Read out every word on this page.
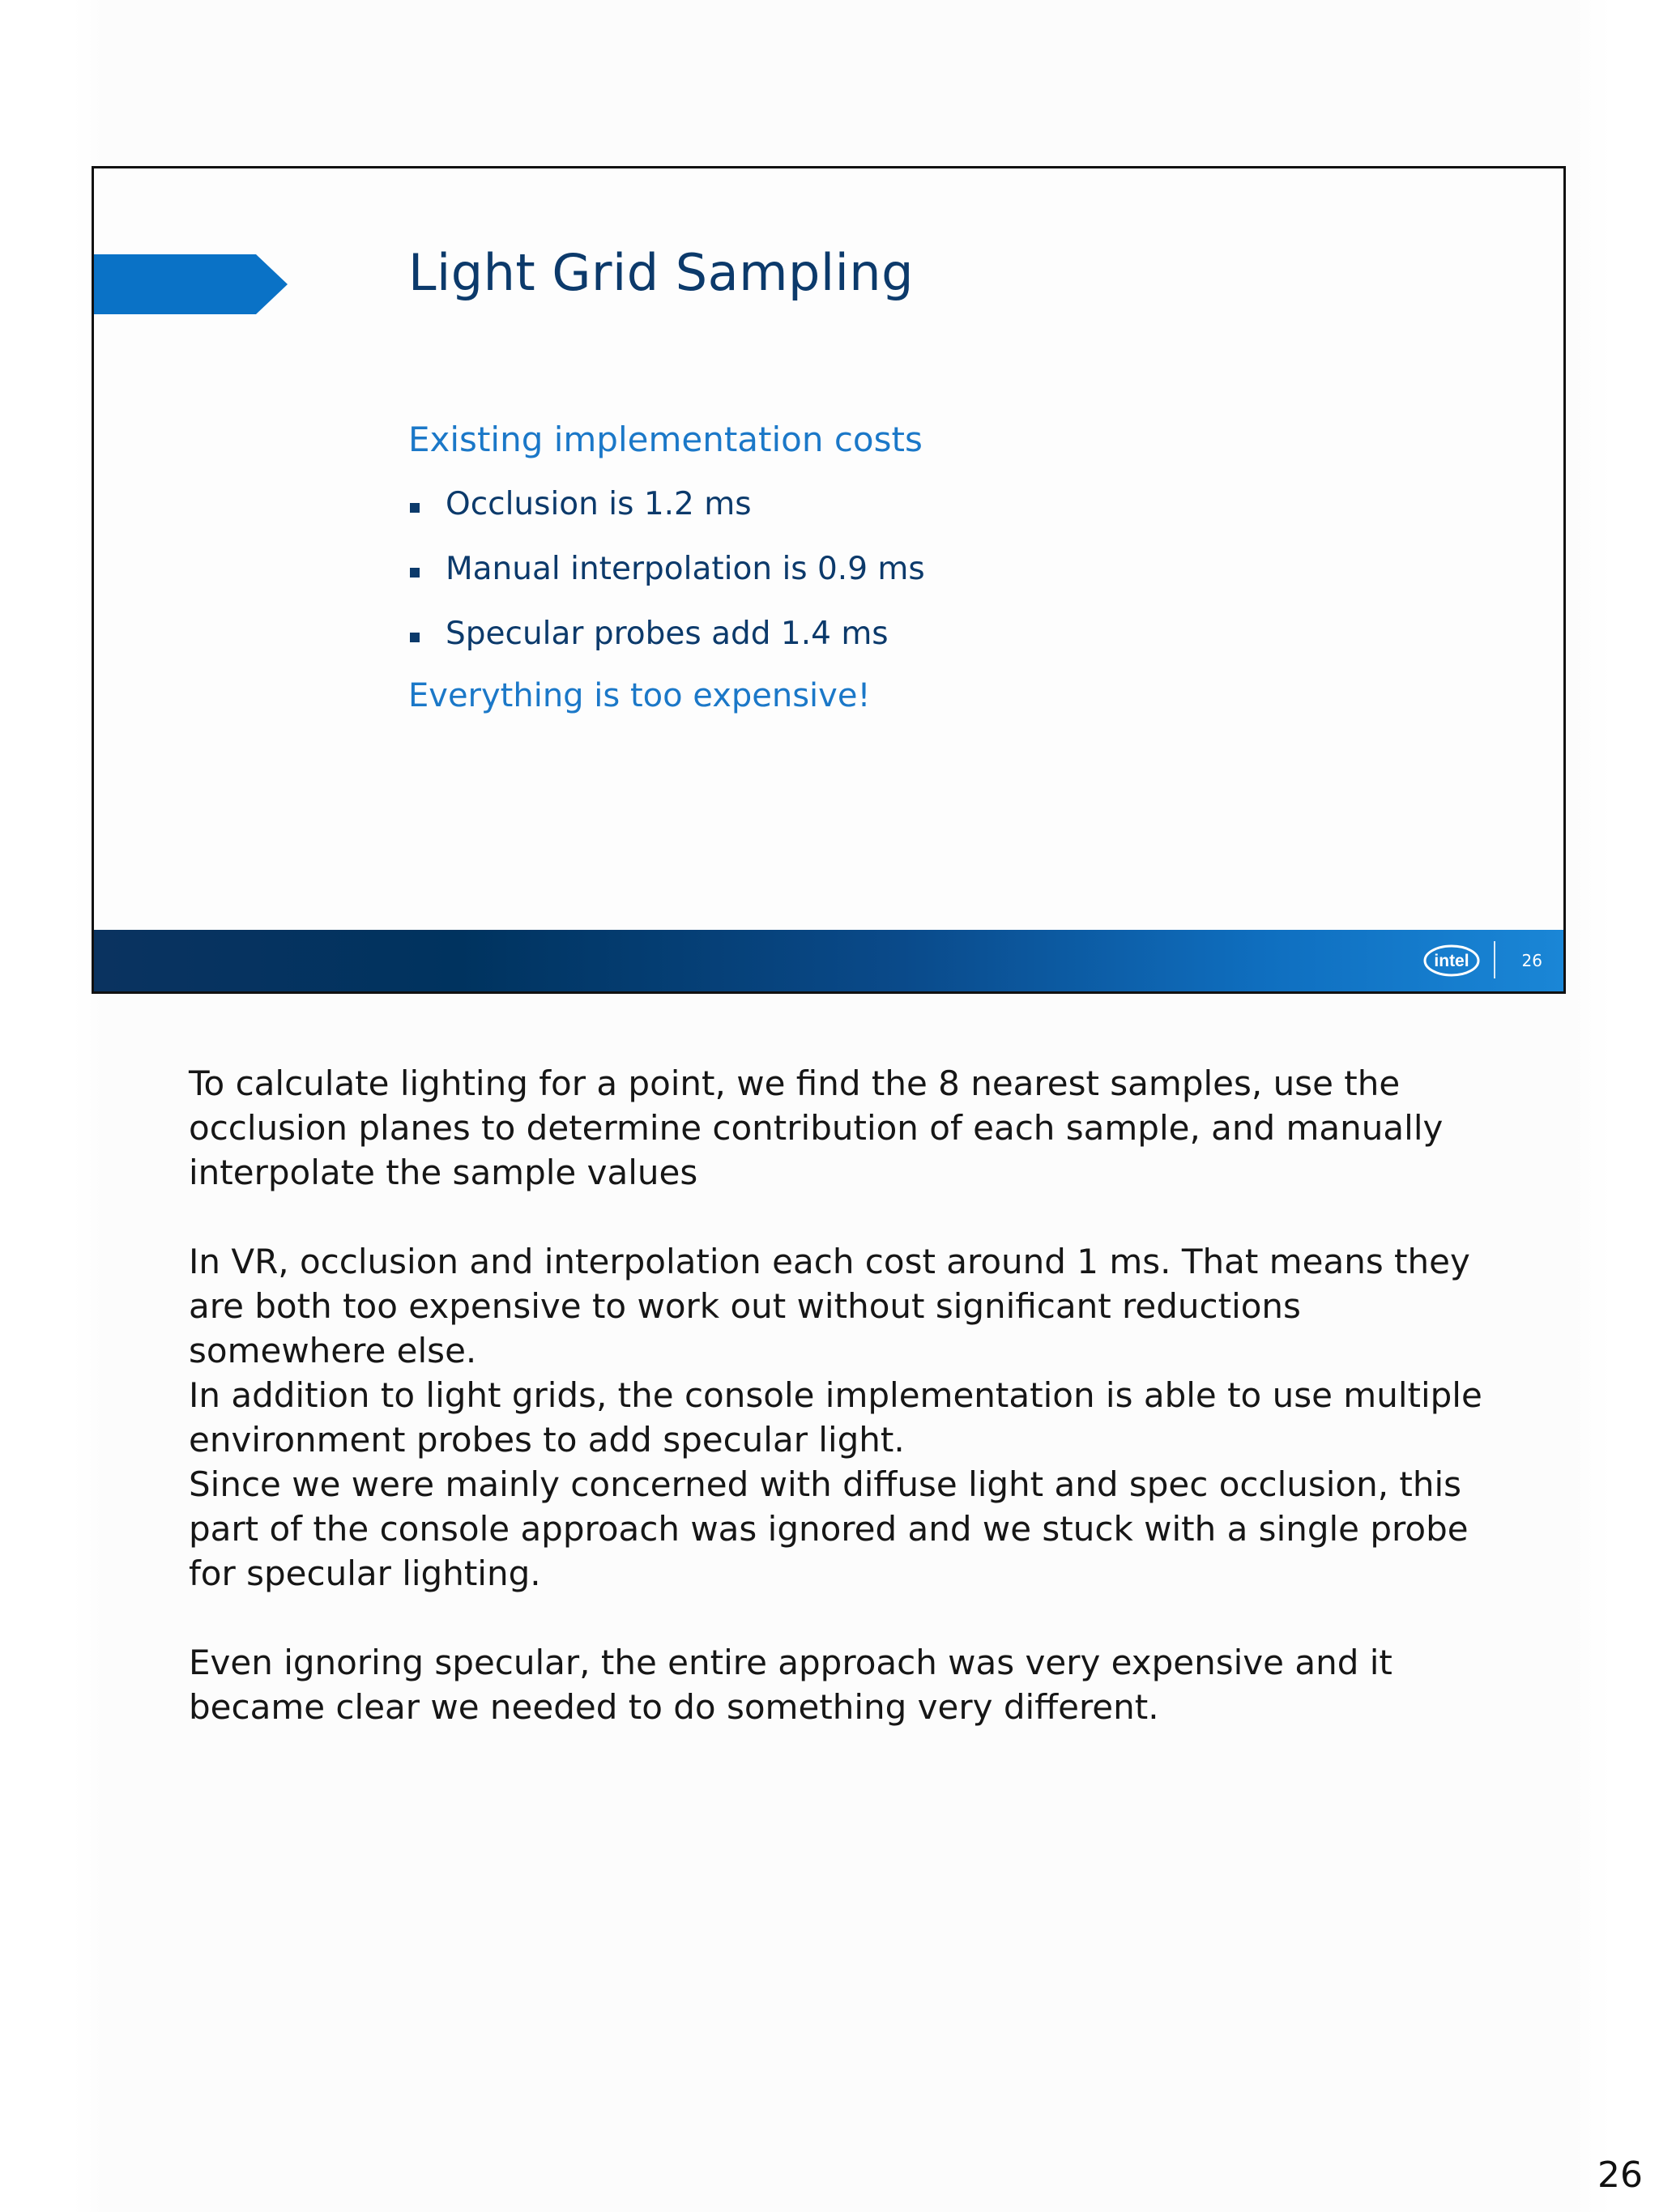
Light Grid Sampling
Existing implementation costs
Occlusion is 1.2 ms
Manual interpolation is 0.9 ms
Specular probes add 1.4 ms
Everything is too expensive!
intel	26

To calculate lighting for a point, we find the 8 nearest samples, use the
occlusion planes to determine contribution of each sample, and manually
interpolate the sample values

In VR, occlusion and interpolation each cost around 1 ms. That means they
are both too expensive to work out without significant reductions
somewhere else.

In addition to light grids, the console implementation is able to use multiple
environment probes to add specular light.

Since we were mainly concerned with diffuse light and spec occlusion, this
part of the console approach was ignored and we stuck with a single probe
for specular lighting.

Even ignoring specular, the entire approach was very expensive and it
became clear we needed to do something very different.

26
